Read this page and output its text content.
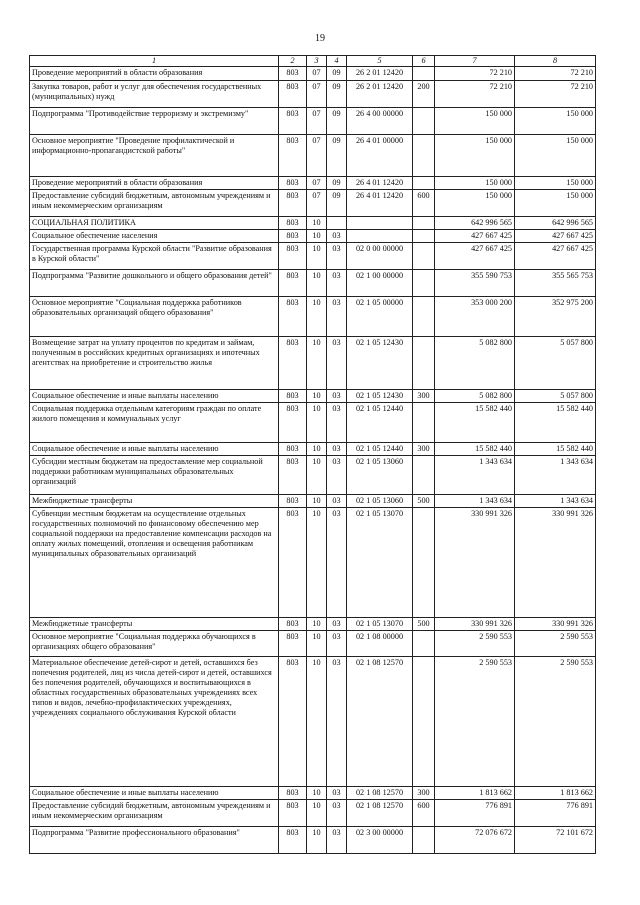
19
1	2	3	4	5	6	7	8
Проведение мероприятий в области образования	803	07	09	26 2 01 12420		72 210	72 210
Закупка товаров, работ и услуг для обеспечения государственных (муниципальных) нужд	803	07	09	26 2 01 12420	200	72 210	72 210
Подпрограмма "Противодействие терроризму и экстремизму"	803	07	09	26 4 00 00000		150 000	150 000
Основное мероприятие "Проведение профилактической и информационно-пропагандистской работы"	803	07	09	26 4 01 00000		150 000	150 000
Проведение мероприятий в области образования	803	07	09	26 4 01 12420		150 000	150 000
Предоставление субсидий бюджетным, автономным учреждениям и иным некоммерческим организациям	803	07	09	26 4 01 12420	600	150 000	150 000
СОЦИАЛЬНАЯ ПОЛИТИКА	803	10				642 996 565	642 996 565
Социальное обеспечение населения	803	10	03			427 667 425	427 667 425
Государственная программа Курской области "Развитие образования в Курской области"	803	10	03	02 0 00 00000		427 667 425	427 667 425
Подпрограмма "Развитие дошкольного и общего образования детей"	803	10	03	02 1 00 00000		355 590 753	355 565 753
Основное мероприятие "Социальная поддержка работников образовательных организаций общего образования"	803	10	03	02 1 05 00000		353 000 200	352 975 200
Возмещение затрат на уплату процентов по кредитам и займам, полученным в российских кредитных организациях и ипотечных агентствах на приобретение и строительство жилья	803	10	03	02 1 05 12430		5 082 800	5 057 800
Социальное обеспечение и иные выплаты населению	803	10	03	02 1 05 12430	300	5 082 800	5 057 800
Социальная поддержка отдельным категориям граждан по оплате жилого помещения и коммунальных услуг	803	10	03	02 1 05 12440		15 582 440	15 582 440
Социальное обеспечение и иные выплаты населению	803	10	03	02 1 05 12440	300	15 582 440	15 582 440
Субсидии местным бюджетам на предоставление мер социальной поддержки работникам муниципальных образовательных организаций	803	10	03	02 1 05 13060		1 343 634	1 343 634
Межбюджетные трансферты	803	10	03	02 1 05 13060	500	1 343 634	1 343 634
Субвенции местным бюджетам на осуществление отдельных государственных полномочий по финансовому обеспечению мер социальной поддержки на предоставление компенсации расходов на оплату жилых помещений, отопления и освещения работникам муниципальных образовательных организаций	803	10	03	02 1 05 13070		330 991 326	330 991 326
Межбюджетные трансферты	803	10	03	02 1 05 13070	500	330 991 326	330 991 326
Основное мероприятие "Социальная поддержка обучающихся в организациях общего образования"	803	10	03	02 1 08 00000		2 590 553	2 590 553
Материальное обеспечение детей-сирот и детей, оставшихся без попечения родителей, лиц из числа детей-сирот и детей, оставшихся без попечения родителей, обучающихся и воспитывающихся в областных государственных образовательных учреждениях всех типов и видов, лечебно-профилактических учреждениях, учреждениях социального обслуживания Курской области	803	10	03	02 1 08 12570		2 590 553	2 590 553
Социальное обеспечение и иные выплаты населению	803	10	03	02 1 08 12570	300	1 813 662	1 813 662
Предоставление субсидий бюджетным, автономным учреждениям и иным некоммерческим организациям	803	10	03	02 1 08 12570	600	776 891	776 891
Подпрограмма "Развитие профессионального образования"	803	10	03	02 3 00 00000		72 076 672	72 101 672
